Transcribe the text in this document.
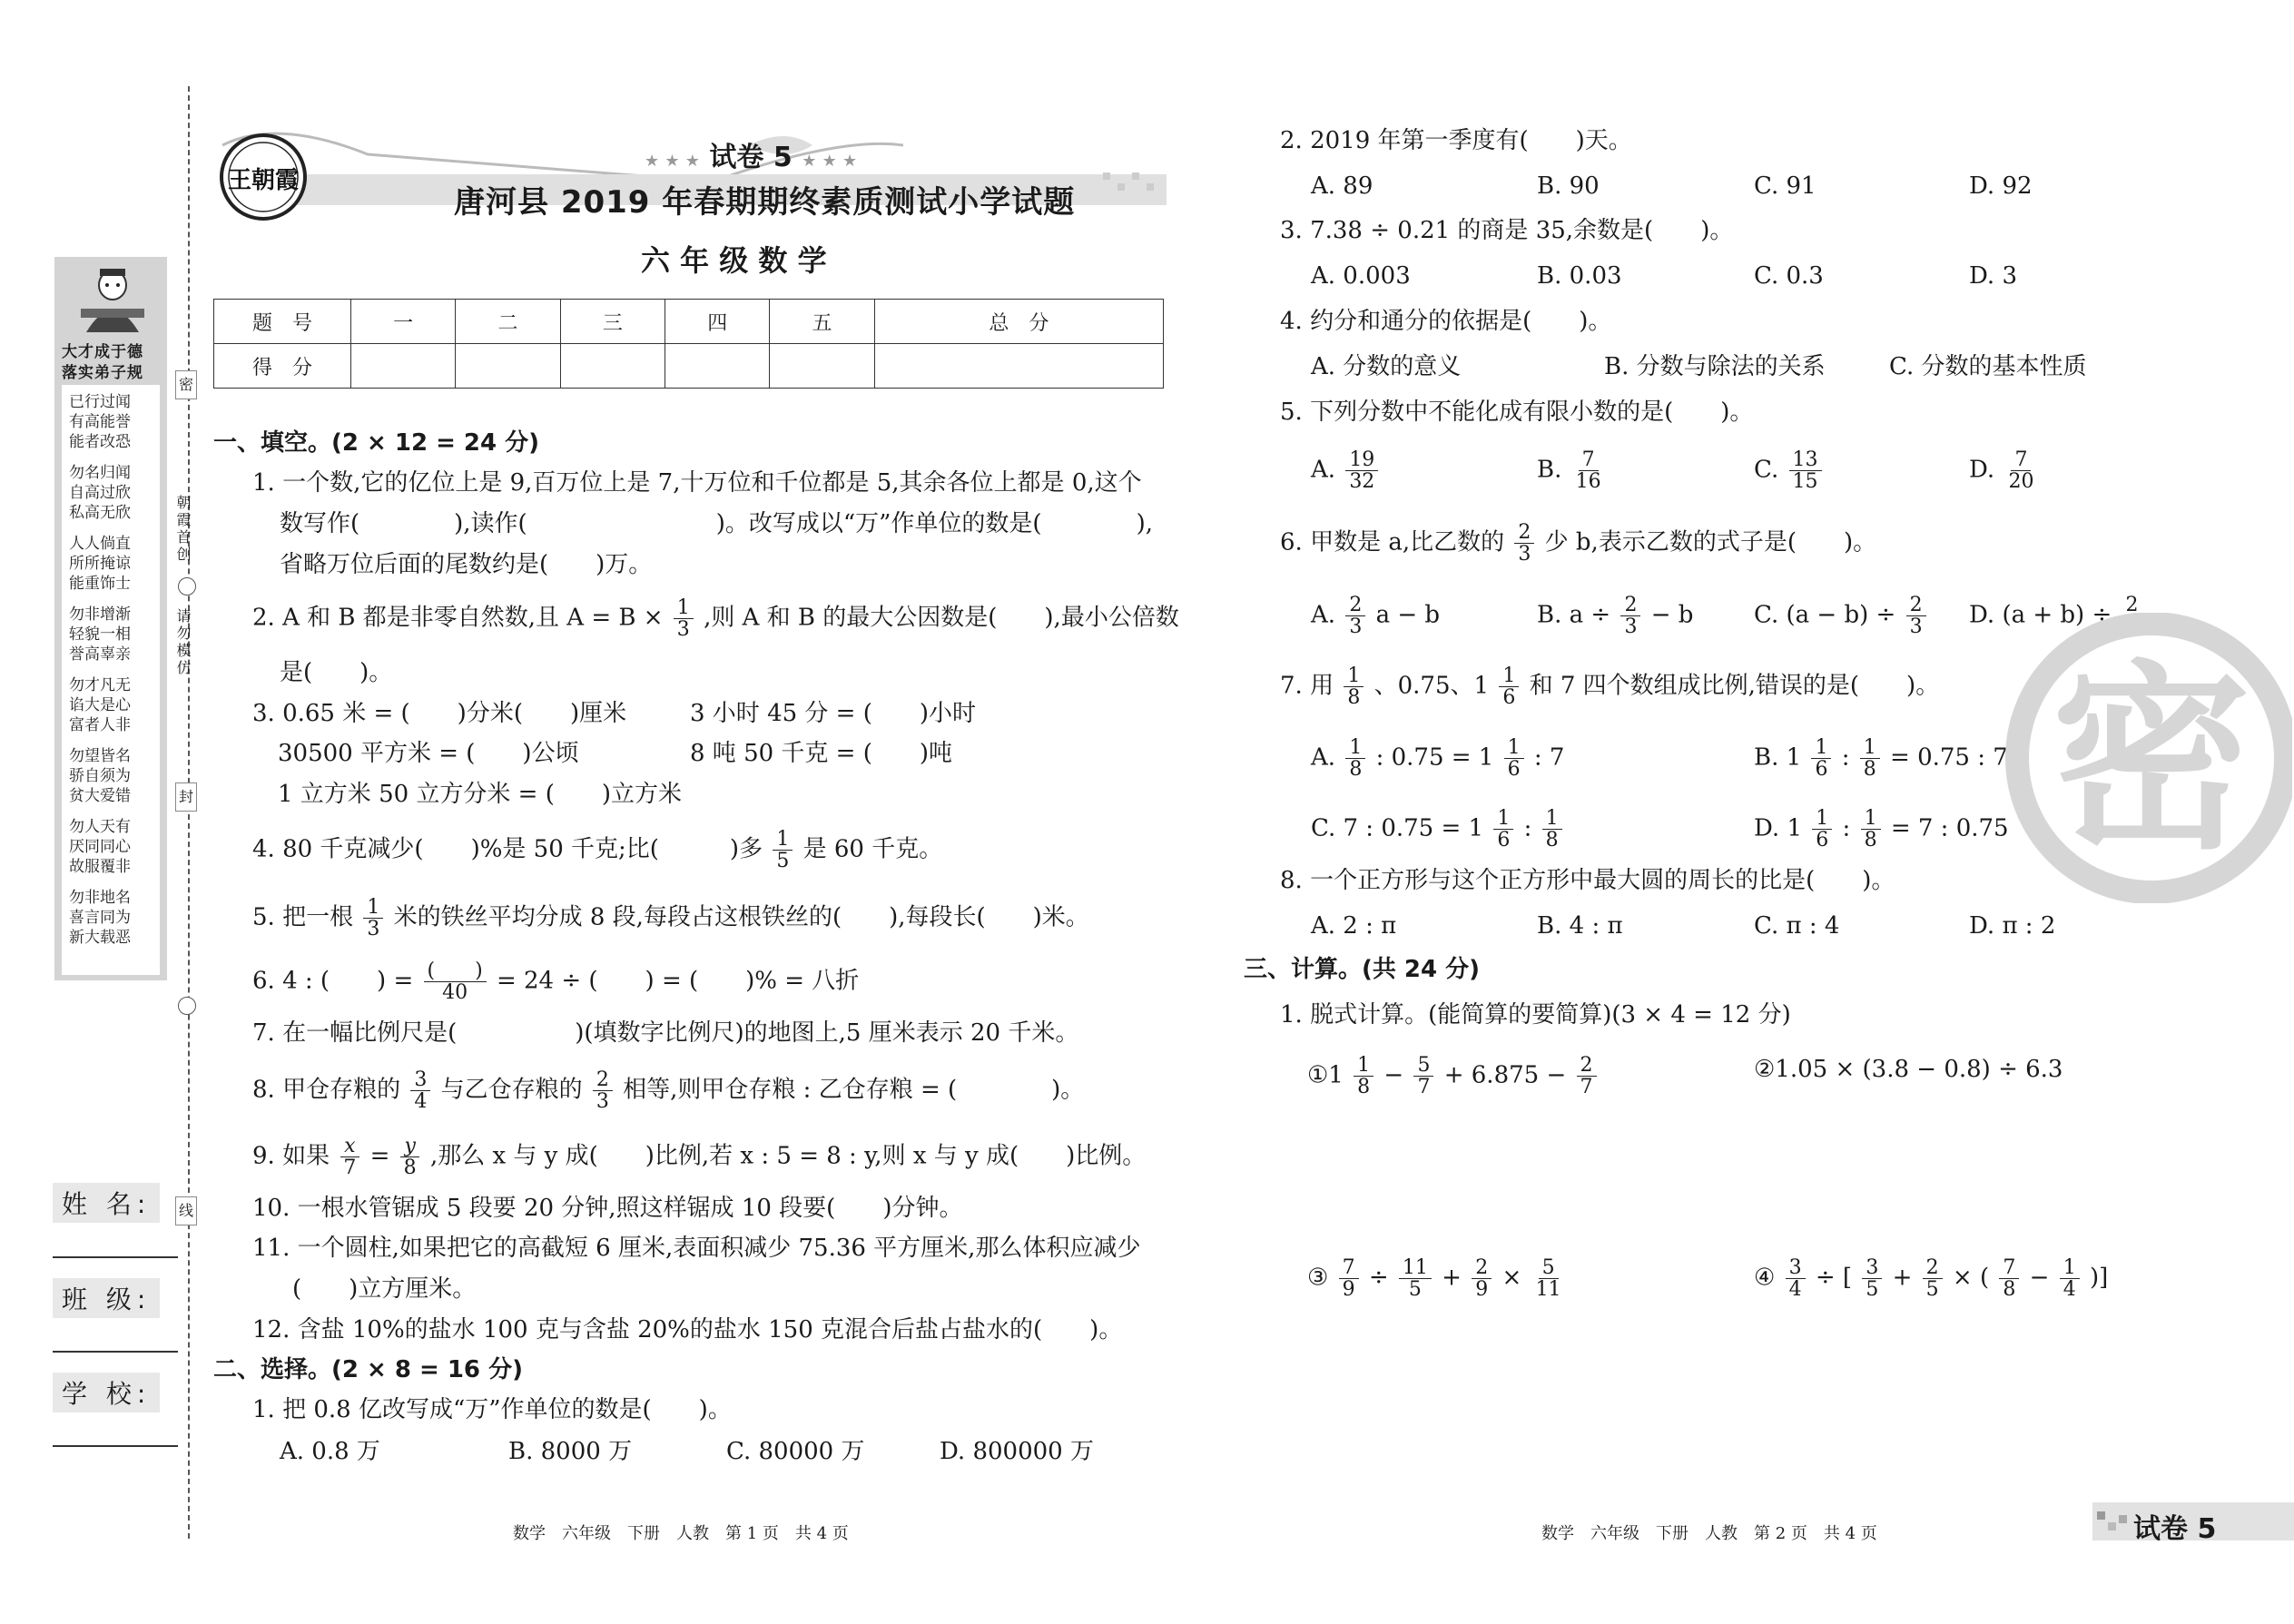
大才成于德
落实弟子规
已行过闻
有高能誉
能者改恐
勿名归闻
自高过欣
私高无欣
人人倘直
所所掩谅
能重饰士
勿非增渐
轻貌一相
誉高辜亲
勿才凡无
谄大是心
富者人非
勿望皆名
骄自须为
贫大爱错
勿人天有
厌同同心
故服覆非
勿非地名
喜言同为
新大载恶
密
朝霞首创
请勿模仿
封
线
姓 名:
班 级:
学 校:
王朝霞
★ ★ ★ 试卷 5 ★ ★ ★
唐河县 2019 年春期期终素质测试小学试题
六 年 级 数 学
题　号	一	二	三	四	五	总　分
得　分						
一、填空。(2 × 12 = 24 分)
1. 一个数,它的亿位上是 9,百万位上是 7,十万位和千位都是 5,其余各位上都是 0,这个
数写作(　　　　),读作(　　　　　　　　)。改写成以“万”作单位的数是(　　　　),
省略万位后面的尾数约是(　　)万。
2. A 和 B 都是非零自然数,且 $A = B \times \frac{1}{3}$ ,则 A 和 B 的最大公因数是(　　),最小公倍数
是(　　)。
3. 0.65 米 = (　　)分米(　　)厘米	3 小时 45 分 = (　　)小时
30500 平方米 = (　　)公顷	8 吨 50 千克 = (　　)吨
1 立方米 50 立方分米 = (　　)立方米
4. 80 千克减少(　　)%是 50 千克;比(　　　)多 $\frac{1}{5}$ 是 60 千克。
5. 把一根 $\frac{1}{3}$ 米的铁丝平均分成 8 段,每段占这根铁丝的(　　),每段长(　　)米。
6. 4 : (　　) = $\frac{( )}{40} = 24$ ÷ (　　) = (　　)% = 八折
7. 在一幅比例尺是(　　　　　)(填数字比例尺)的地图上,5 厘米表示 20 千米。
8. 甲仓存粮的 $\frac{3}{4}$ 与乙仓存粮的 $\frac{2}{3}$ 相等,则甲仓存粮 : 乙仓存粮 = (　　　　)。
9. 如果 $\frac{x}{7} = \frac{y}{8}$ ,那么 x 与 y 成(　　)比例,若 x : 5 = 8 : y,则 x 与 y 成(　　)比例。
10. 一根水管锯成 5 段要 20 分钟,照这样锯成 10 段要(　　)分钟。
11. 一个圆柱,如果把它的高截短 6 厘米,表面积减少 75.36 平方厘米,那么体积应减少
(　　)立方厘米。
12. 含盐 10%的盐水 100 克与含盐 20%的盐水 150 克混合后盐占盐水的(　　)。
二、选择。(2 × 8 = 16 分)
1. 把 0.8 亿改写成“万”作单位的数是(　　)。
A. 0.8 万	B. 8000 万	C. 80000 万	D. 800000 万
数学　六年级　下册　人教　第 1 页　共 4 页
2. 2019 年第一季度有(　　)天。
A. 89	B. 90	C. 91	D. 92
3. 7.38 ÷ 0.21 的商是 35,余数是(　　)。
A. 0.003	B. 0.03	C. 0.3	D. 3
4. 约分和通分的依据是(　　)。
A. 分数的意义	B. 分数与除法的关系	C. 分数的基本性质
5. 下列分数中不能化成有限小数的是(　　)。
A. $\frac{19}{32}$	B. $\frac{7}{16}$	C. $\frac{13}{15}$	D. $\frac{7}{20}$
6. 甲数是 a,比乙数的 $\frac{2}{3}$ 少 b,表示乙数的式子是(　　)。
A. $\frac{2}{3}$ a − b	B. $a \div \frac{2}{3} - b$	C. $(a - b) \div \frac{2}{3} D$. $(a + b) \div \frac{2}{3}$
7. 用 $\frac{1}{8}$ 、0.75、$1 \frac{1}{6}$ 和 7 四个数组成比例,错误的是(　　)。
A. $\frac{1}{8}$ : $0.75 = 1 \frac{1}{6}$ : 7	B. $1 \frac{1}{6}$ : $\frac{1}{8} = 0.75$ : 7
C. 7 : $0.75 = 1 \frac{1}{6}$ : $\frac{1}{8}$	D. $1 \frac{1}{6}$ : $\frac{1}{8} = 7$ : 0.75
8. 一个正方形与这个正方形中最大圆的周长的比是(　　)。
A. 2 : π	B. 4 : π	C. π : 4	D. π : 2
三、计算。(共 24 分)
1. 脱式计算。(能简算的要简算)(3 × 4 = 12 分)
①1 $\frac{1}{8} - \frac{5}{7} + 6.875 - \frac{2}{7}$	②1.05 × (3.8 − 0.8) ÷ 6.3
③ $\frac{7}{9} \div \frac{11}{5} + \frac{2}{9} \times \frac{5}{11}$	④ $\frac{3}{4}$ ÷ [ $\frac{3}{5} + \frac{2}{5}$ × ( $\frac{7}{8} - \frac{1}{4}$ )]
密
数学　六年级　下册　人教　第 2 页　共 4 页	试卷 5
